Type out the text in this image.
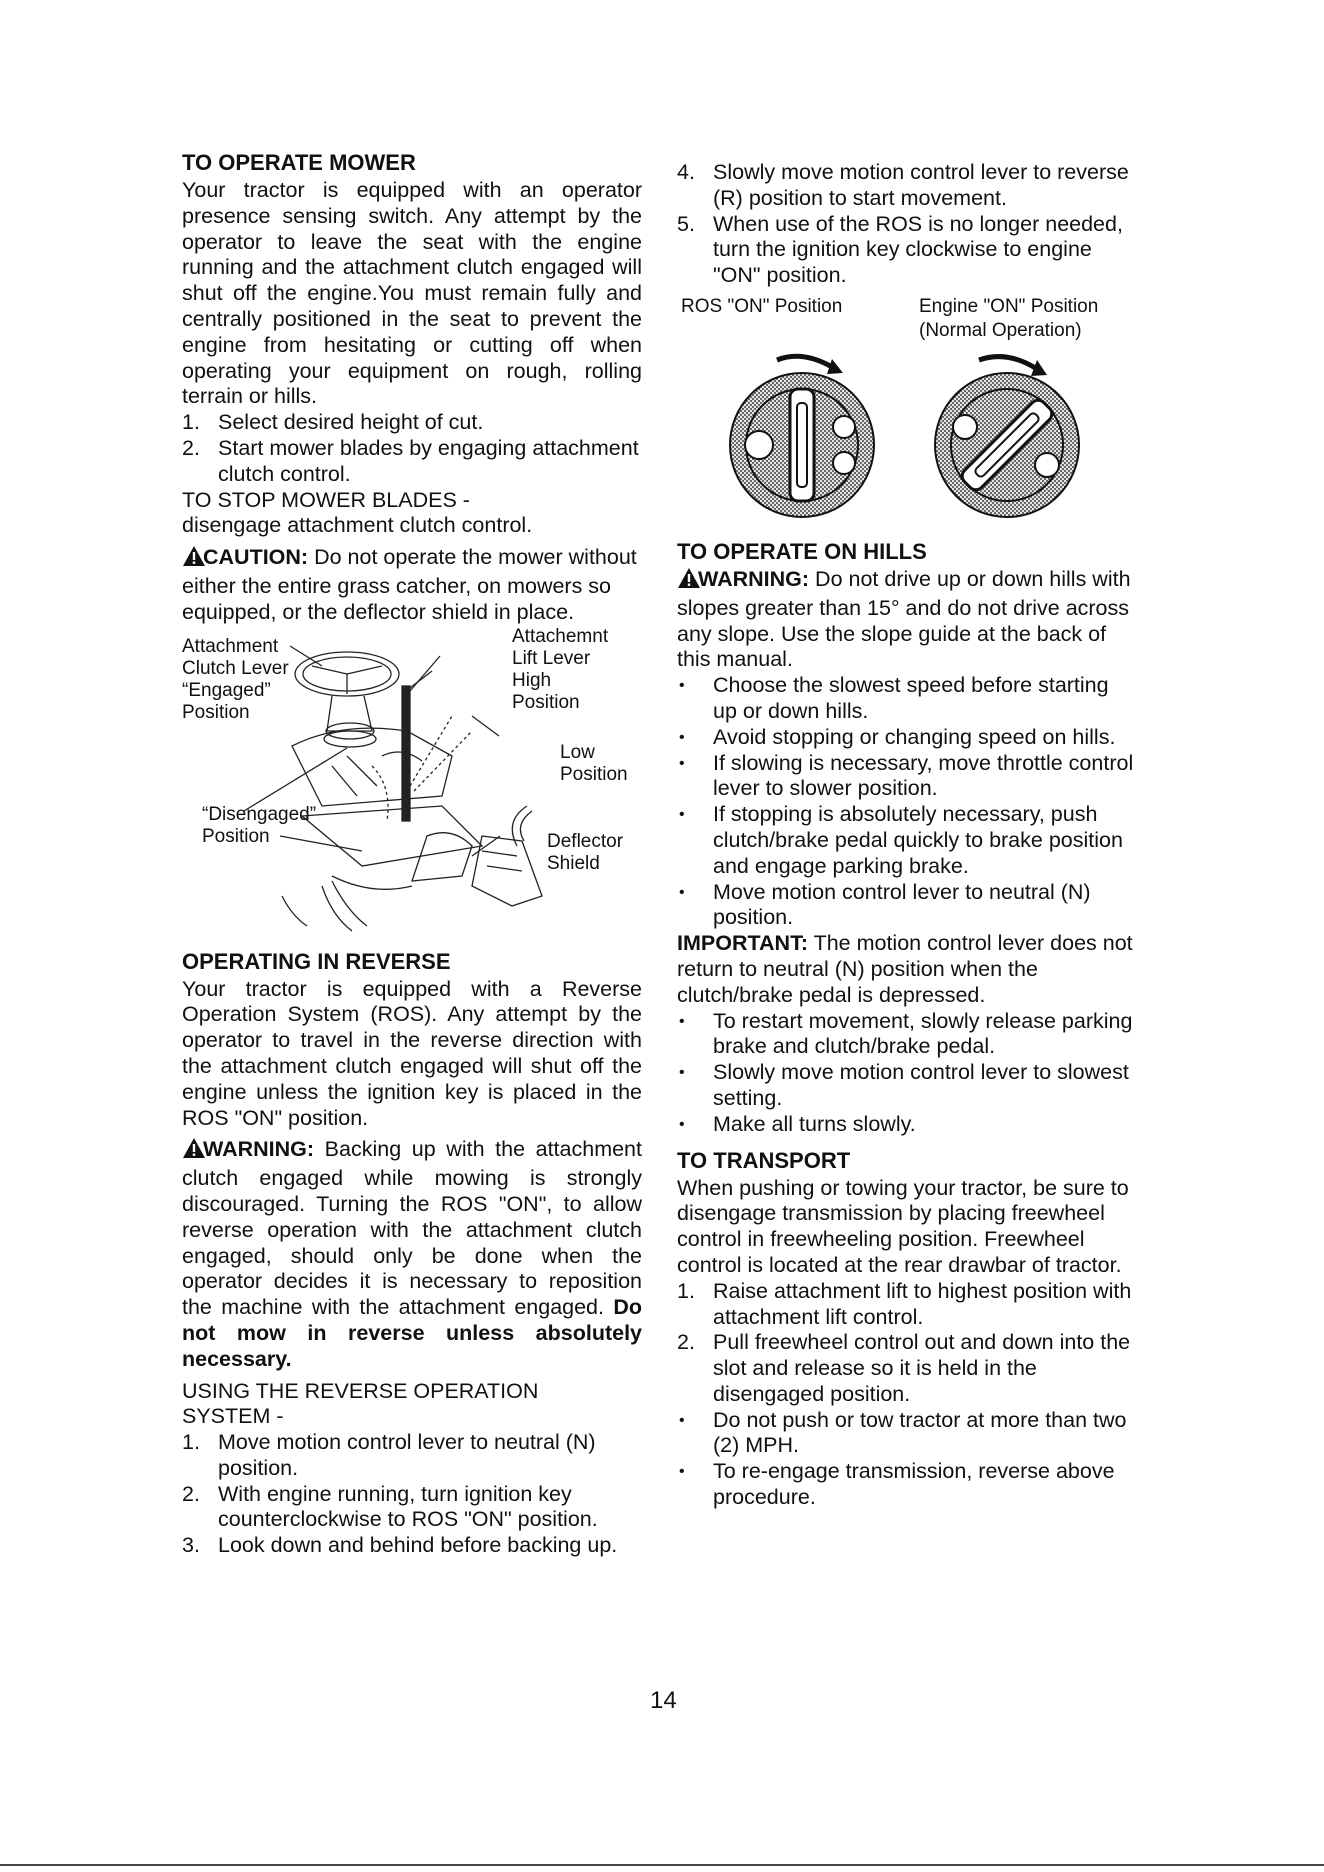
TO OPERATE MOWER

Your tractor is equipped with an operator presence sensing switch. Any attempt by the operator to leave the seat with the engine running and the attachment clutch engaged will shut off the engine.You must remain fully and centrally positioned in the seat to prevent the engine from hesitating or cutting off when operating your equipment on rough, rolling terrain or hills.

1. Select desired height of cut.
2. Start mower blades by engaging attachment clutch control.

TO STOP MOWER BLADES -

disengage attachment clutch control.

CAUTION: Do not operate the mower without either the entire grass catcher, on mowers so equipped, or the deflector shield in place.

Attachment
Clutch Lever
“Engaged”
Position
Attachemnt
Lift Lever
High
Position
Low
Position
“Disengaged”
Position	Deflector
Shield
OPERATING IN REVERSE

Your tractor is equipped with a Reverse Operation System (ROS). Any attempt by the operator to travel in the reverse direction with the attachment clutch engaged will shut off the engine unless the ignition key is placed in the ROS "ON" position.

WARNING: Backing up with the attachment clutch engaged while mowing is strongly discouraged. Turning the ROS "ON", to allow reverse operation with the attachment clutch engaged, should only be done when the operator decides it is necessary to reposition the machine with the attachment engaged. Do not mow in reverse unless absolutely necessary.

USING THE REVERSE OPERATION SYSTEM -

1. Move motion control lever to neutral (N) position.
2. With engine running, turn ignition key counterclockwise to ROS "ON" position.
3. Look down and behind before backing up.
4. Slowly move motion control lever to reverse (R) position to start movement.
5. When use of the ROS is no longer needed, turn the ignition key clockwise to engine "ON" position.
ROS "ON" Position	Engine "ON" Position
(Normal Operation)
TO OPERATE ON HILLS

WARNING: Do not drive up or down hills with slopes greater than 15° and do not drive across any slope. Use the slope guide at the back of this manual.

• Choose the slowest speed before starting up or down hills.
• Avoid stopping or changing speed on hills.
• If slowing is necessary, move throttle control lever to slower position.
• If stopping is absolutely necessary, push clutch/brake pedal quickly to brake position and engage parking brake.
• Move motion control lever to neutral (N) position.

IMPORTANT: The motion control lever does not return to neutral (N) position when the clutch/brake pedal is depressed.

• To restart movement, slowly release parking brake and clutch/brake pedal.
• Slowly move motion control lever to slowest setting.
• Make all turns slowly.
TO TRANSPORT

When pushing or towing your tractor, be sure to disengage transmission by placing freewheel control in freewheeling position. Freewheel control is located at the rear drawbar of tractor.

1. Raise attachment lift to highest position with attachment lift control.
2. Pull freewheel control out and down into the slot and release so it is held in the disengaged position.
• Do not push or tow tractor at more than two (2) MPH.
• To re-engage transmission, reverse above procedure.
14
